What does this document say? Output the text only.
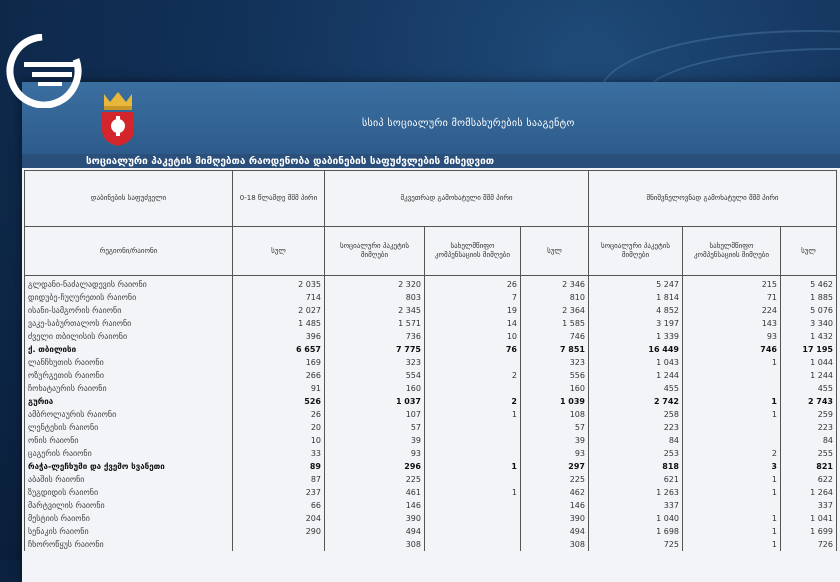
სსიპ სოციალური მომსახურების სააგენტო
სოციალური პაკეტის მიმღებთა რაოდენობა დაბინების საფუძვლების მიხედვით
დაბინების საფუძველი	0-18 წლამდე შშმ პირი	მკვეთრად გამოხატული შშმ პირი			მნიშვნელოვნად გამოხატული შშმ პირი		
რეგიონი/რაიონი	სულ	სოციალური პაკეტის მიმღები	სახელმწიფო კომპენსაციის მიმღები	სულ	სოციალური პაკეტის მიმღები	სახელმწიფო კომპენსაციის მიმღები	სულ
გლდანი-ნაძალადევის რაიონი	2 035	2 320	26	2 346	5 247	215	5 462
დიდუბე-ჩუღურეთის რაიონი	714	803	7	810	1 814	71	1 885
ისანი-სამგორის რაიონი	2 027	2 345	19	2 364	4 852	224	5 076
ვაკე-საბურთალოს რაიონი	1 485	1 571	14	1 585	3 197	143	3 340
ძველი თბილისის რაიონი	396	736	10	746	1 339	93	1 432
ქ. თბილისი	6 657	7 775	76	7 851	16 449	746	17 195
ლანჩხუთის რაიონი	169	323		323	1 043	1	1 044
ოზურგეთის რაიონი	266	554	2	556	1 244		1 244
ჩოხატაურის რაიონი	91	160		160	455		455
გურია	526	1 037	2	1 039	2 742	1	2 743
ამბროლაურის რაიონი	26	107	1	108	258	1	259
ლენტეხის რაიონი	20	57		57	223		223
ონის რაიონი	10	39		39	84		84
ცაგერის რაიონი	33	93		93	253	2	255
რაჭა-ლეჩხუმი და ქვემო სვანეთი	89	296	1	297	818	3	821
აბაშის რაიონი	87	225		225	621	1	622
ზუგდიდის რაიონი	237	461	1	462	1 263	1	1 264
მარტვილის რაიონი	66	146		146	337		337
მესტიის რაიონი	204	390		390	1 040	1	1 041
სენაკის რაიონი	290	494		494	1 698	1	1 699
ჩხოროწყუს რაიონი		308		308	725	1	726
